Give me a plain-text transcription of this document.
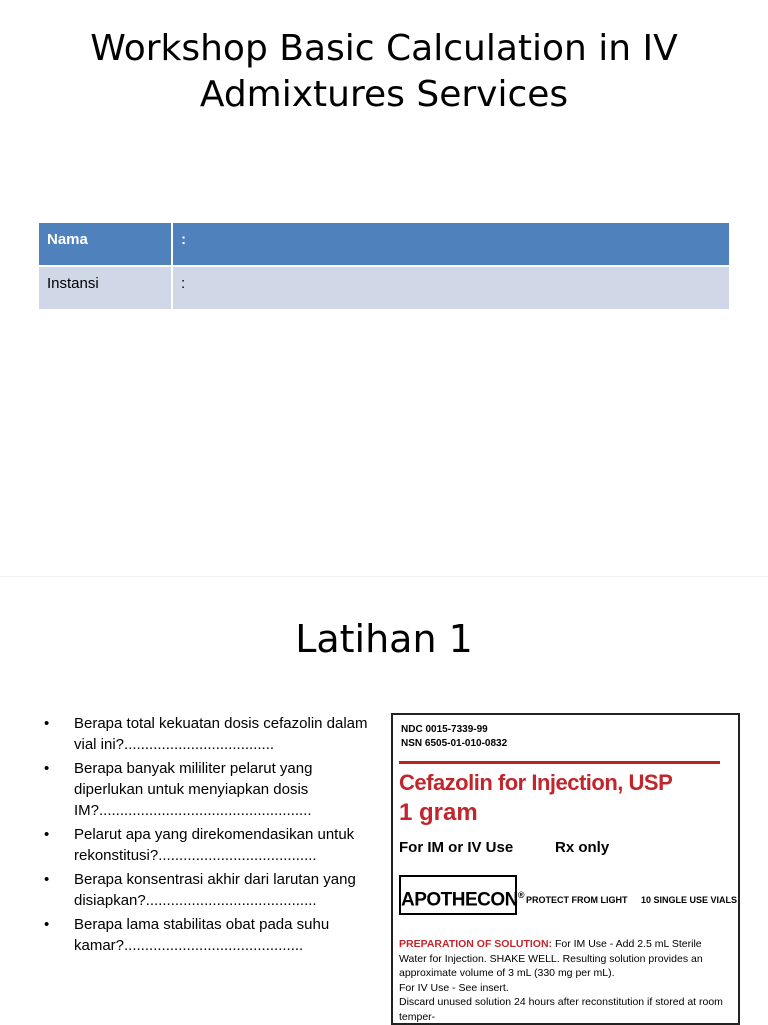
Workshop Basic Calculation in IV
Admixtures Services
Nama	:
Instansi	:
Latihan 1
• Berapa total kekuatan dosis cefazolin dalam vial ini?....................................
• Berapa banyak mililiter pelarut yang diperlukan untuk menyiapkan dosis IM?...................................................
• Pelarut apa yang direkomendasikan untuk rekonstitusi?......................................
• Berapa konsentrasi akhir dari larutan yang disiapkan?.........................................
• Berapa lama stabilitas obat pada suhu kamar?...........................................
NDC 0015-7339-99
NSN 6505-01-010-0832
Cefazolin for Injection, USP
1 gram
For IM or IV Use	Rx only
APOTHECON® PROTECT FROM LIGHT 10 SINGLE USE VIALS
PREPARATION OF SOLUTION: For IM Use - Add 2.5 mL Sterile Water for Injection. SHAKE WELL. Resulting solution provides an approximate volume of 3 mL (330 mg per mL).
For IV Use - See insert.
Discard unused solution 24 hours after reconstitution if stored at room temper-
